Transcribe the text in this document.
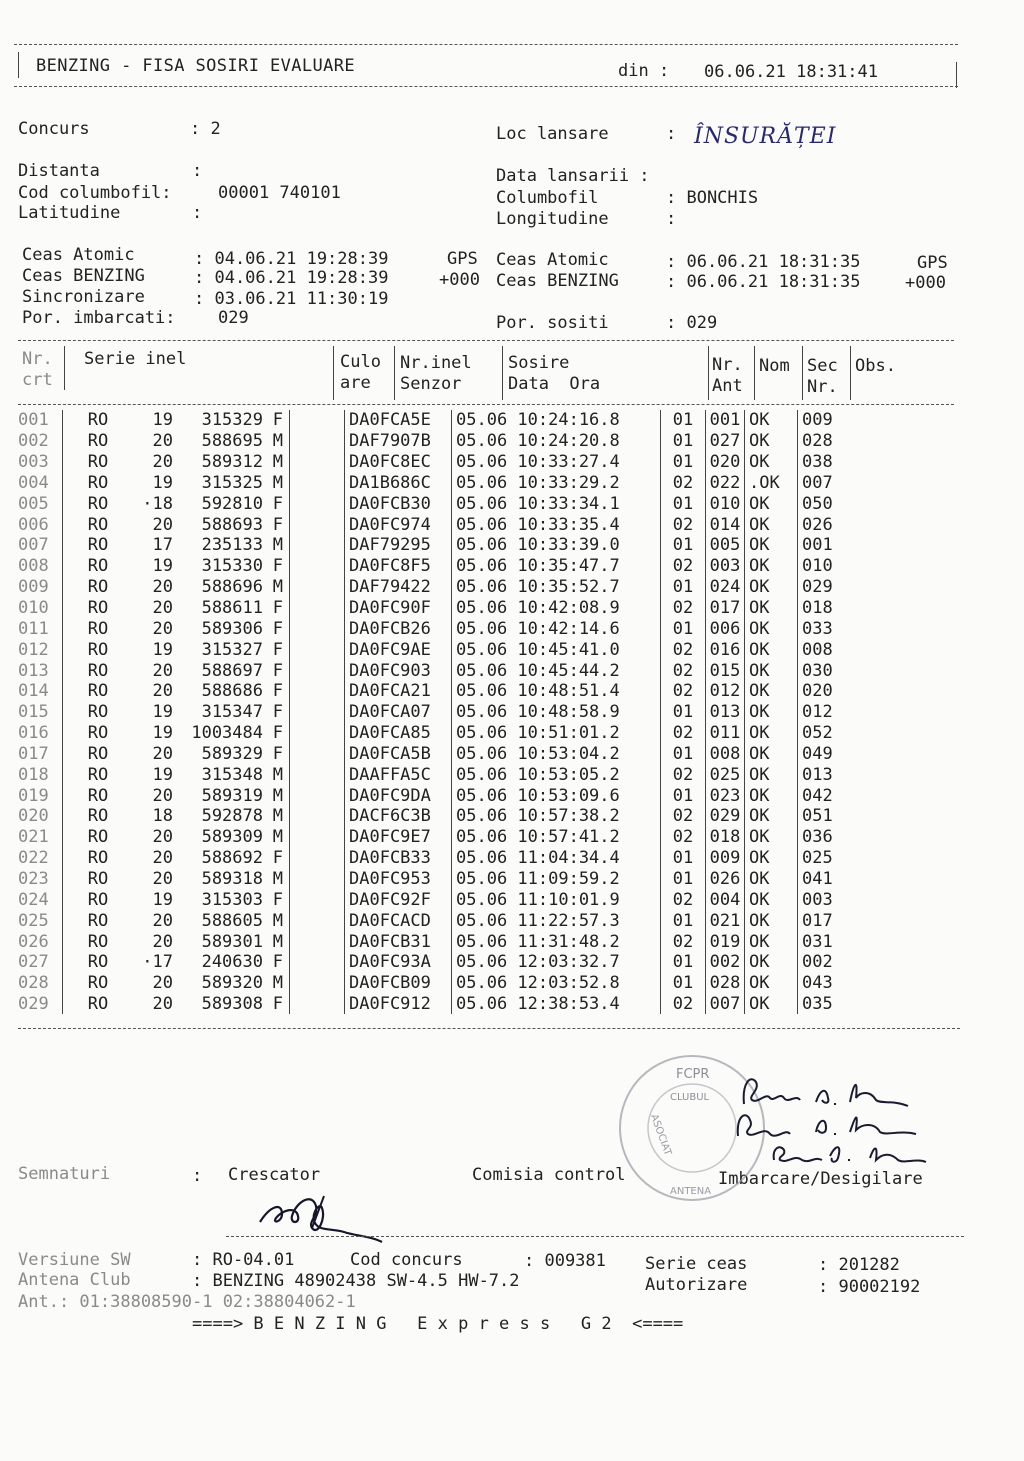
BENZING - FISA SOSIRI EVALUARE	din : 06.06.21 18:31:41
Concurs	: 2
Distanta	:
Cod columbofil:	00001 740101
Latitudine	:
Loc lansare	: ÎNSURĂȚEI
Data lansarii :
Columbofil	: BONCHIS
Longitudine	:
Ceas Atomic	: 04.06.21 19:28:39	GPS
Ceas BENZING	: 04.06.21 19:28:39	+000
Sincronizare	: 03.06.21 11:30:19
Por. imbarcati: 029
Ceas Atomic	: 06.06.21 18:31:35	GPS
Ceas BENZING	: 06.06.21 18:31:35	+000
Por. sositi	: 029
Nr.
crt
Serie inel	Culo
are
Nr.inel
Senzor
Sosire
Data  Ora
Nr.
Ant
Nom Sec
Nr.
Obs.
001	RO	19	315329	F		DA0FCA5E	05.06 10:24:16.8	01	001	OK	009
002	RO	20	588695	M		DAF7907B	05.06 10:24:20.8	01	027	OK	028
003	RO	20	589312	M		DA0FC8EC	05.06 10:33:27.4	01	020	OK	038
004	RO	19	315325	M		DA1B686C	05.06 10:33:29.2	02	022	.OK	007
005	RO	·18	592810	F		DA0FCB30	05.06 10:33:34.1	01	010	OK	050
006	RO	20	588693	F		DA0FC974	05.06 10:33:35.4	02	014	OK	026
007	RO	17	235133	M		DAF79295	05.06 10:33:39.0	01	005	OK	001
008	RO	19	315330	F		DA0FC8F5	05.06 10:35:47.7	02	003	OK	010
009	RO	20	588696	M		DAF79422	05.06 10:35:52.7	01	024	OK	029
010	RO	20	588611	F		DA0FC90F	05.06 10:42:08.9	02	017	OK	018
011	RO	20	589306	F		DA0FCB26	05.06 10:42:14.6	01	006	OK	033
012	RO	19	315327	F		DA0FC9AE	05.06 10:45:41.0	02	016	OK	008
013	RO	20	588697	F		DA0FC903	05.06 10:45:44.2	02	015	OK	030
014	RO	20	588686	F		DA0FCA21	05.06 10:48:51.4	02	012	OK	020
015	RO	19	315347	F		DA0FCA07	05.06 10:48:58.9	01	013	OK	012
016	RO	19	1003484	F		DA0FCA85	05.06 10:51:01.2	02	011	OK	052
017	RO	20	589329	F		DA0FCA5B	05.06 10:53:04.2	01	008	OK	049
018	RO	19	315348	M		DAAFFA5C	05.06 10:53:05.2	02	025	OK	013
019	RO	20	589319	M		DA0FC9DA	05.06 10:53:09.6	01	023	OK	042
020	RO	18	592878	M		DACF6C3B	05.06 10:57:38.2	02	029	OK	051
021	RO	20	589309	M		DA0FC9E7	05.06 10:57:41.2	02	018	OK	036
022	RO	20	588692	F		DA0FCB33	05.06 11:04:34.4	01	009	OK	025
023	RO	20	589318	M		DA0FC953	05.06 11:09:59.2	01	026	OK	041
024	RO	19	315303	F		DA0FC92F	05.06 11:10:01.9	02	004	OK	003
025	RO	20	588605	M		DA0FCACD	05.06 11:22:57.3	01	021	OK	017
026	RO	20	589301	M		DA0FCB31	05.06 11:31:48.2	02	019	OK	031
027	RO	·17	240630	F		DA0FC93A	05.06 12:03:32.7	01	002	OK	002
028	RO	20	589320	M		DA0FCB09	05.06 12:03:52.8	01	028	OK	043
029	RO	20	589308	F		DA0FC912	05.06 12:38:53.4	02	007	OK	035
Semnaturi	: Crescator	Comisia control	Imbarcare/Desigilare
FCPR
CLUBUL
ASOCIAT
ANTENA
Versiune SW	: RO-04.01	Cod concurs	: 009381 Serie ceas	: 201282
Antena Club	: BENZING 48902438 SW-4.5 HW-7.2	Autorizare	: 90002192
Ant.: 01:38808590-1 02:38804062-1
====> B E N Z I N G   E x p r e s s   G 2  <====
